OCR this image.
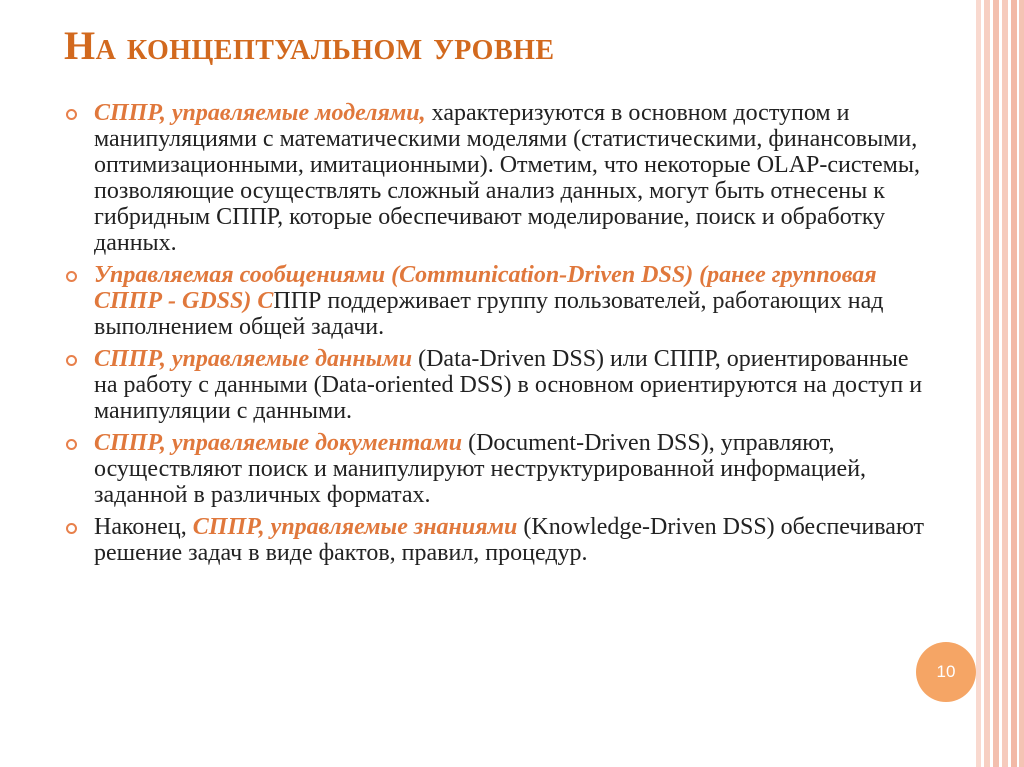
На концептуальном уровне
СППР, управляемые моделями, характеризуются в основном доступом и манипуляциями с математическими моделями (статистическими, финансовыми, оптимизационными, имитационными). Отметим, что некоторые OLAP-системы, позволяющие осуществлять сложный анализ данных, могут быть отнесены к гибридным СППР, которые обеспечивают моделирование, поиск и обработку данных.
Управляемая сообщениями (Communication-Driven DSS) (ранее групповая СППР - GDSS) СППР поддерживает группу пользователей, работающих над выполнением общей задачи.
СППР, управляемые данными (Data-Driven DSS) или СППР, ориентированные на работу с данными (Data-oriented DSS) в основном ориентируются на доступ и манипуляции с данными.
СППР, управляемые документами (Document-Driven DSS), управляют, осуществляют поиск и манипулируют неструктурированной информацией, заданной в различных форматах.
Наконец, СППР, управляемые знаниями (Knowledge-Driven DSS) обеспечивают решение задач в виде фактов, правил, процедур.
10
